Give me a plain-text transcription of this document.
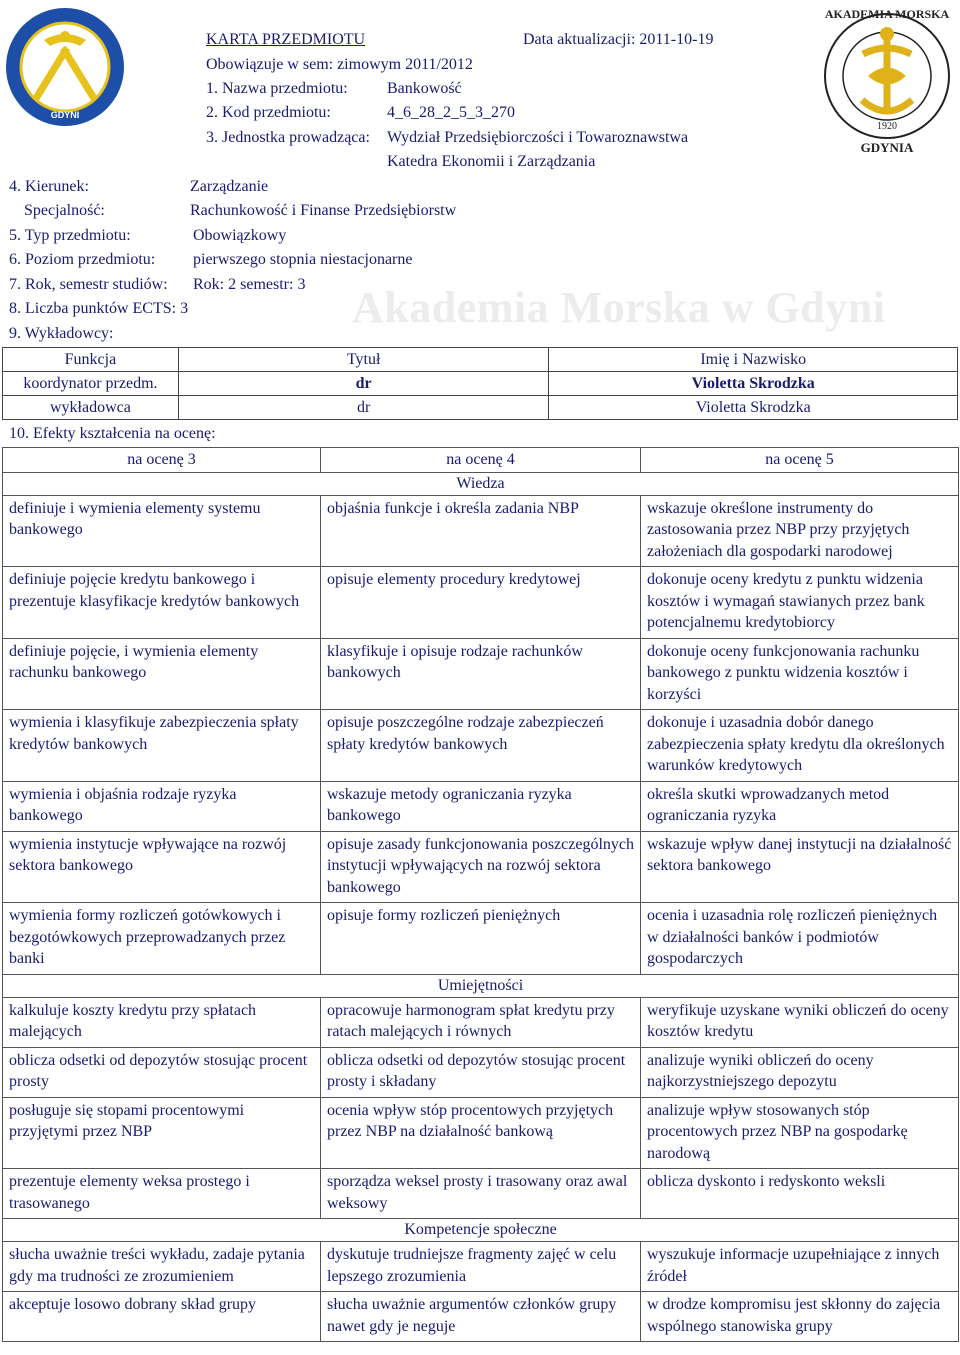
GDYNI
1920
AKADEMIA MORSKA
GDYNIA
KARTA PRZEDMIOTU	Data aktualizacji: 2011-10-19
Obowiązuje w sem: zimowym 2011/2012
1. Nazwa przedmiotu: Bankowość
2. Kod przedmiotu:	4_6_28_2_5_3_270
3. Jednostka prowadząca: Wydział Przedsiębiorczości i Towaroznawstwa
Katedra Ekonomii i Zarządzania
4. Kierunek:	Zarządzanie
Specjalność:	Rachunkowość i Finanse Przedsiębiorstw
5. Typ przedmiotu:	Obowiązkowy
6. Poziom przedmiotu: pierwszego stopnia niestacjonarne
7. Rok, semestr studiów: Rok: 2 semestr: 3
8. Liczba punktów ECTS: 3
9. Wykładowcy:
Akademia Morska w Gdyni
Funkcja	Tytuł	Imię i Nazwisko
koordynator przedm.	dr	Violetta Skrodzka
wykładowca	dr	Violetta Skrodzka
10. Efekty kształcenia na ocenę:
na ocenę 3	na ocenę 4	na ocenę 5
Wiedza		
definiuje i wymienia elementy systemu bankowego	objaśnia funkcje i określa zadania NBP	wskazuje określone instrumenty do zastosowania przez NBP przy przyjętych założeniach dla gospodarki narodowej
definiuje pojęcie kredytu bankowego i prezentuje klasyfikacje kredytów bankowych	opisuje elementy procedury kredytowej	dokonuje oceny kredytu z punktu widzenia kosztów i wymagań stawianych przez bank potencjalnemu kredytobiorcy
definiuje pojęcie, i wymienia elementy rachunku bankowego	klasyfikuje i opisuje rodzaje rachunków bankowych	dokonuje oceny funkcjonowania rachunku bankowego z punktu widzenia kosztów i korzyści
wymienia i klasyfikuje zabezpieczenia spłaty kredytów bankowych	opisuje poszczególne rodzaje zabezpieczeń spłaty kredytów bankowych	dokonuje i uzasadnia dobór danego zabezpieczenia spłaty kredytu dla określonych warunków kredytowych
wymienia i objaśnia rodzaje ryzyka bankowego	wskazuje metody ograniczania ryzyka bankowego	określa skutki wprowadzanych metod ograniczania ryzyka
wymienia instytucje wpływające na rozwój sektora bankowego	opisuje zasady funkcjonowania poszczególnych instytucji wpływających na rozwój sektora bankowego	wskazuje wpływ danej instytucji na działalność sektora bankowego
wymienia formy rozliczeń gotówkowych i bezgotówkowych przeprowadzanych przez banki	opisuje formy rozliczeń pieniężnych	ocenia i uzasadnia rolę rozliczeń pieniężnych w działalności banków i podmiotów gospodarczych
Umiejętności		
kalkuluje koszty kredytu przy spłatach malejących	opracowuje harmonogram spłat kredytu przy ratach malejących i równych	weryfikuje uzyskane wyniki obliczeń do oceny kosztów kredytu
oblicza odsetki od depozytów stosując procent prosty	oblicza odsetki od depozytów stosując procent prosty i składany	analizuje wyniki obliczeń do oceny najkorzystniejszego depozytu
posługuje się stopami procentowymi przyjętymi przez NBP	ocenia wpływ stóp procentowych przyjętych przez NBP na działalność bankową	analizuje wpływ stosowanych stóp procentowych przez NBP na gospodarkę narodową
prezentuje elementy weksa prostego i trasowanego	sporządza weksel prosty i trasowany oraz awal weksowy	oblicza dyskonto i redyskonto weksli
Kompetencje społeczne		
słucha uważnie treści wykładu, zadaje pytania gdy ma trudności ze zrozumieniem	dyskutuje trudniejsze fragmenty zajęć w celu lepszego zrozumienia	wyszukuje informacje uzupełniające z innych źródeł
akceptuje losowo dobrany skład grupy	słucha uważnie argumentów członków grupy nawet gdy je neguje	w drodze kompromisu jest skłonny do zajęcia wspólnego stanowiska grupy
